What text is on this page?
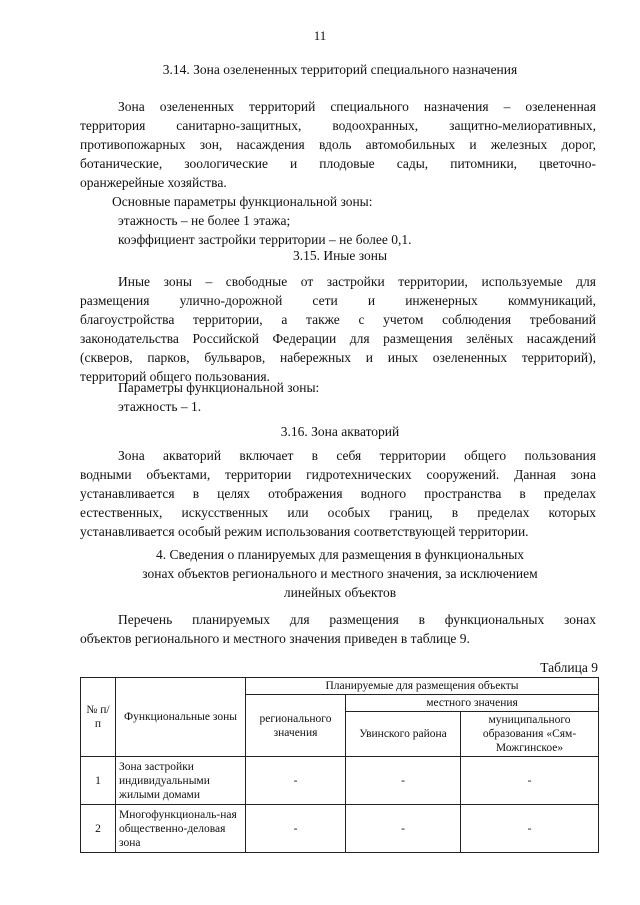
11
3.14. Зона озелененных территорий специального назначения
Зона озелененных территорий специального назначения – озелененная
территория санитарно-защитных, водоохранных, защитно-мелиоративных,
противопожарных зон, насаждения вдоль автомобильных и железных дорог,
ботанические, зоологические и плодовые сады, питомники, цветочно-
оранжерейные хозяйства.
Основные параметры функциональной зоны:
этажность – не более 1 этажа;
коэффициент застройки территории – не более 0,1.
3.15. Иные зоны
Иные зоны – свободные от застройки территории, используемые для
размещения улично-дорожной сети и инженерных коммуникаций,
благоустройства территории, а также с учетом соблюдения требований
законодательства Российской Федерации для размещения зелёных насаждений
(скверов, парков, бульваров, набережных и иных озелененных территорий),
территорий общего пользования.
Параметры функциональной зоны:
этажность – 1.
3.16. Зона акваторий
Зона акваторий включает в себя территории общего пользования
водными объектами, территории гидротехнических сооружений. Данная зона
устанавливается в целях отображения водного пространства в пределах
естественных, искусственных или особых границ, в пределах которых
устанавливается особый режим использования соответствующей территории.
4. Сведения о планируемых для размещения в функциональных
зонах объектов регионального и местного значения, за исключением
линейных объектов
Перечень планируемых для размещения в функциональных зонах
объектов регионального и местного значения приведен в таблице 9.
Таблица 9
№ п/п	Функциональные зоны	Планируемые для размещения объекты		
		регионального значения	местного значения	
			Увинского района	муниципального образования «Сям-Можгинское»
1	Зона застройки индивидуальными жилыми домами	-	-	-
2	Многофункциональ-ная общественно-деловая зона	-	-	-
